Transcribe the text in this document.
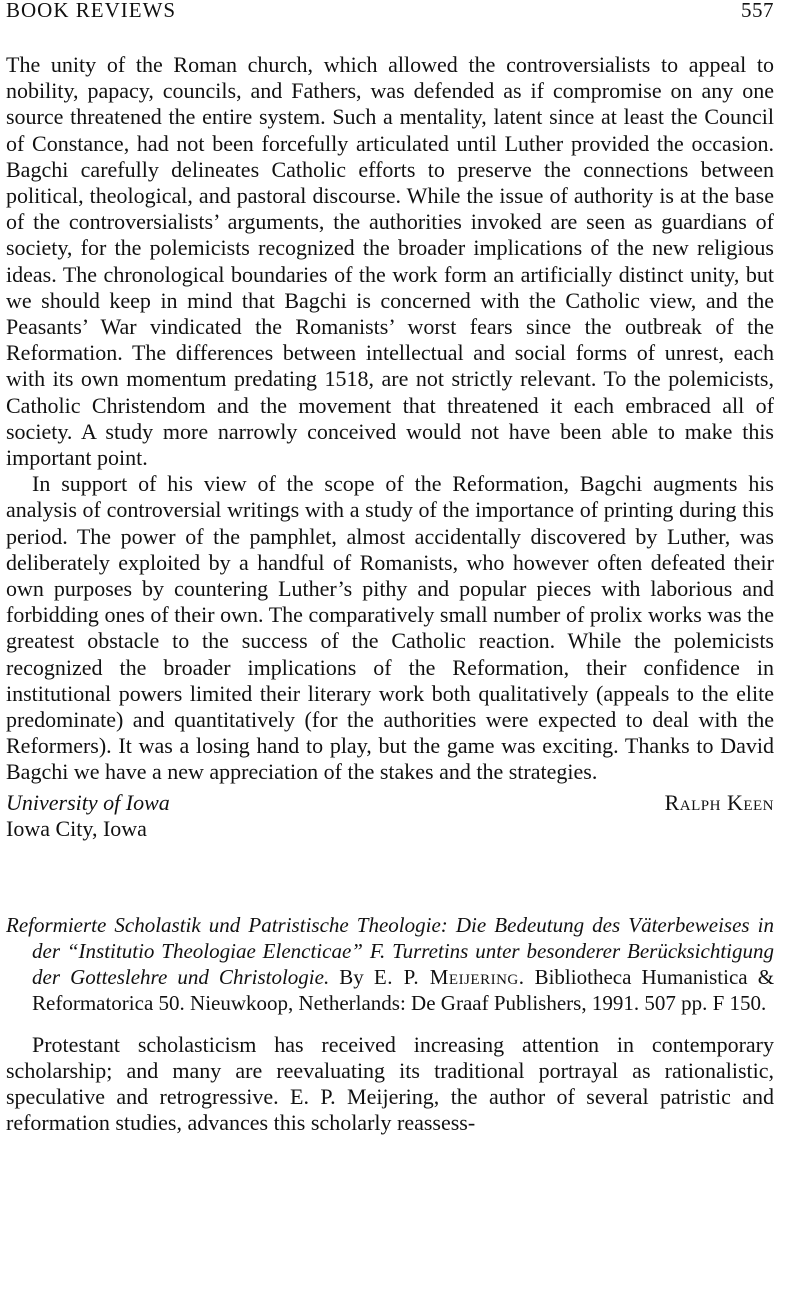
BOOK REVIEWS	557

The unity of the Roman church, which allowed the controversialists to appeal to nobility, papacy, councils, and Fathers, was defended as if compromise on any one source threatened the entire system. Such a mentality, latent since at least the Council of Constance, had not been forcefully articulated until Luther provided the occasion. Bagchi carefully delineates Catholic efforts to preserve the connections between political, theological, and pastoral discourse. While the issue of authority is at the base of the controversialists’ arguments, the authorities invoked are seen as guardians of society, for the polemicists recognized the broader implications of the new religious ideas. The chronological boundaries of the work form an artificially distinct unity, but we should keep in mind that Bagchi is concerned with the Catholic view, and the Peasants’ War vindicated the Romanists’ worst fears since the outbreak of the Reformation. The differences between intellectual and social forms of unrest, each with its own momentum predating 1518, are not strictly relevant. To the polemicists, Catholic Christendom and the movement that threatened it each embraced all of society. A study more narrowly conceived would not have been able to make this important point.

In support of his view of the scope of the Reformation, Bagchi augments his analysis of controversial writings with a study of the importance of printing during this period. The power of the pamphlet, almost accidentally discovered by Luther, was deliberately exploited by a handful of Romanists, who however often defeated their own purposes by countering Luther’s pithy and popular pieces with laborious and forbidding ones of their own. The comparatively small number of prolix works was the greatest obstacle to the success of the Catholic reaction. While the polemicists recognized the broader implications of the Reformation, their confidence in institutional powers limited their literary work both qualitatively (appeals to the elite predominate) and quantitatively (for the authorities were expected to deal with the Reformers). It was a losing hand to play, but the game was exciting. Thanks to David Bagchi we have a new appreciation of the stakes and the strategies.

University of Iowa	Ralph Keen
Iowa City, Iowa
Reformierte Scholastik und Patristische Theologie: Die Bedeutung des Väterbeweises in der “Institutio Theologiae Elencticae” F. Turretins unter besonderer Berücksichtigung der Gotteslehre und Christologie. By E. P. Meijering. Bibliotheca Humanistica & Reformatorica 50. Nieuwkoop, Netherlands: De Graaf Publishers, 1991. 507 pp. F 150.

Protestant scholasticism has received increasing attention in contemporary scholarship; and many are reevaluating its traditional portrayal as rationalistic, speculative and retrogressive. E. P. Meijering, the author of several patristic and reformation studies, advances this scholarly reassess-
